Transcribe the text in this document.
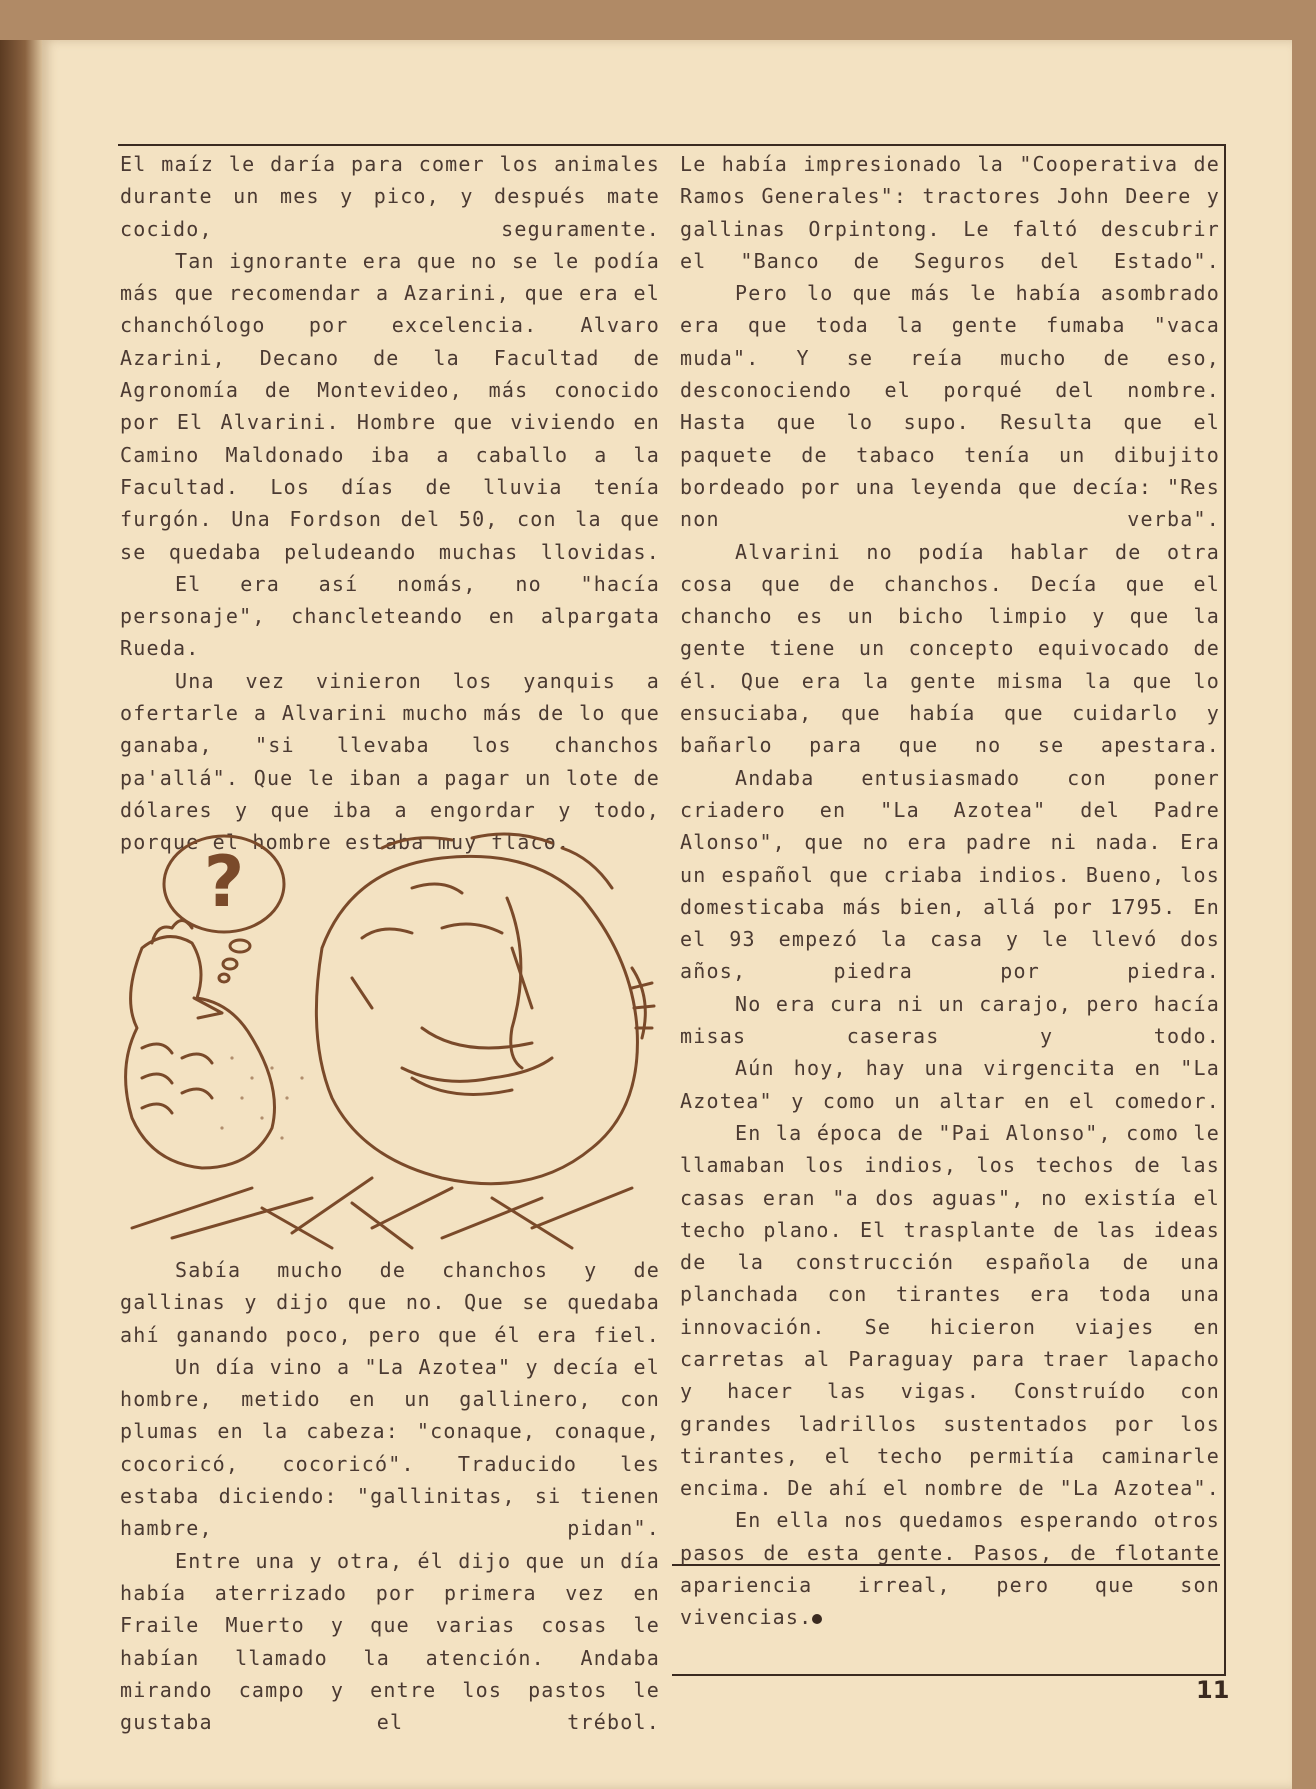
El maíz le daría para comer los animales durante un mes y pico, y después mate cocido, seguramente.

Tan ignorante era que no se le podía más que recomendar a Azarini, que era el chanchólogo por excelencia. Alvaro Azarini, Decano de la Facultad de Agronomía de Montevideo, más conocido por El Alvarini. Hombre que viviendo en Camino Maldonado iba a caballo a la Facultad. Los días de lluvia tenía furgón. Una Fordson del 50, con la que se quedaba peludeando muchas llovidas.

El era así nomás, no "hacía personaje", chancleteando en alpargata Rueda.

Una vez vinieron los yanquis a ofertarle a Alvarini mucho más de lo que ganaba, "si llevaba los chanchos pa'allá". Que le iban a pagar un lote de dólares y que iba a engordar y todo, porque el hombre estaba muy flaco.

?

Sabía mucho de chanchos y de gallinas y dijo que no. Que se quedaba ahí ganando poco, pero que él era fiel.

Un día vino a "La Azotea" y decía el hombre, metido en un gallinero, con plumas en la cabeza: "conaque, conaque, cocoricó, cocoricó". Traducido les estaba diciendo: "gallinitas, si tienen hambre, pidan".

Entre una y otra, él dijo que un día había aterrizado por primera vez en Fraile Muerto y que varias cosas le habían llamado la atención. Andaba mirando campo y entre los pastos le gustaba el trébol.

Le había impresionado la "Cooperativa de Ramos Generales": tractores John Deere y gallinas Orpintong. Le faltó descubrir el "Banco de Seguros del Estado".

Pero lo que más le había asombrado era que toda la gente fumaba "vaca muda". Y se reía mucho de eso, desconociendo el porqué del nombre. Hasta que lo supo. Resulta que el paquete de tabaco tenía un dibujito bordeado por una leyenda que decía: "Res non verba".

Alvarini no podía hablar de otra cosa que de chanchos. Decía que el chancho es un bicho limpio y que la gente tiene un concepto equivocado de él. Que era la gente misma la que lo ensuciaba, que había que cuidarlo y bañarlo para que no se apestara.

Andaba entusiasmado con poner criadero en "La Azotea" del Padre Alonso", que no era padre ni nada. Era un español que criaba indios. Bueno, los domesticaba más bien, allá por 1795. En el 93 empezó la casa y le llevó dos años, piedra por piedra.

No era cura ni un carajo, pero hacía misas caseras y todo.

Aún hoy, hay una virgencita en "La Azotea" y como un altar en el comedor.

En la época de "Pai Alonso", como le llamaban los indios, los techos de las casas eran "a dos aguas", no existía el techo plano. El trasplante de las ideas de la construcción española de una planchada con tirantes era toda una innovación. Se hicieron viajes en carretas al Paraguay para traer lapacho y hacer las vigas. Construído con grandes ladrillos sustentados por los tirantes, el techo permitía caminarle encima. De ahí el nombre de "La Azotea".

En ella nos quedamos esperando otros pasos de esta gente. Pasos, de flotante apariencia irreal, pero que son vivencias.

11
